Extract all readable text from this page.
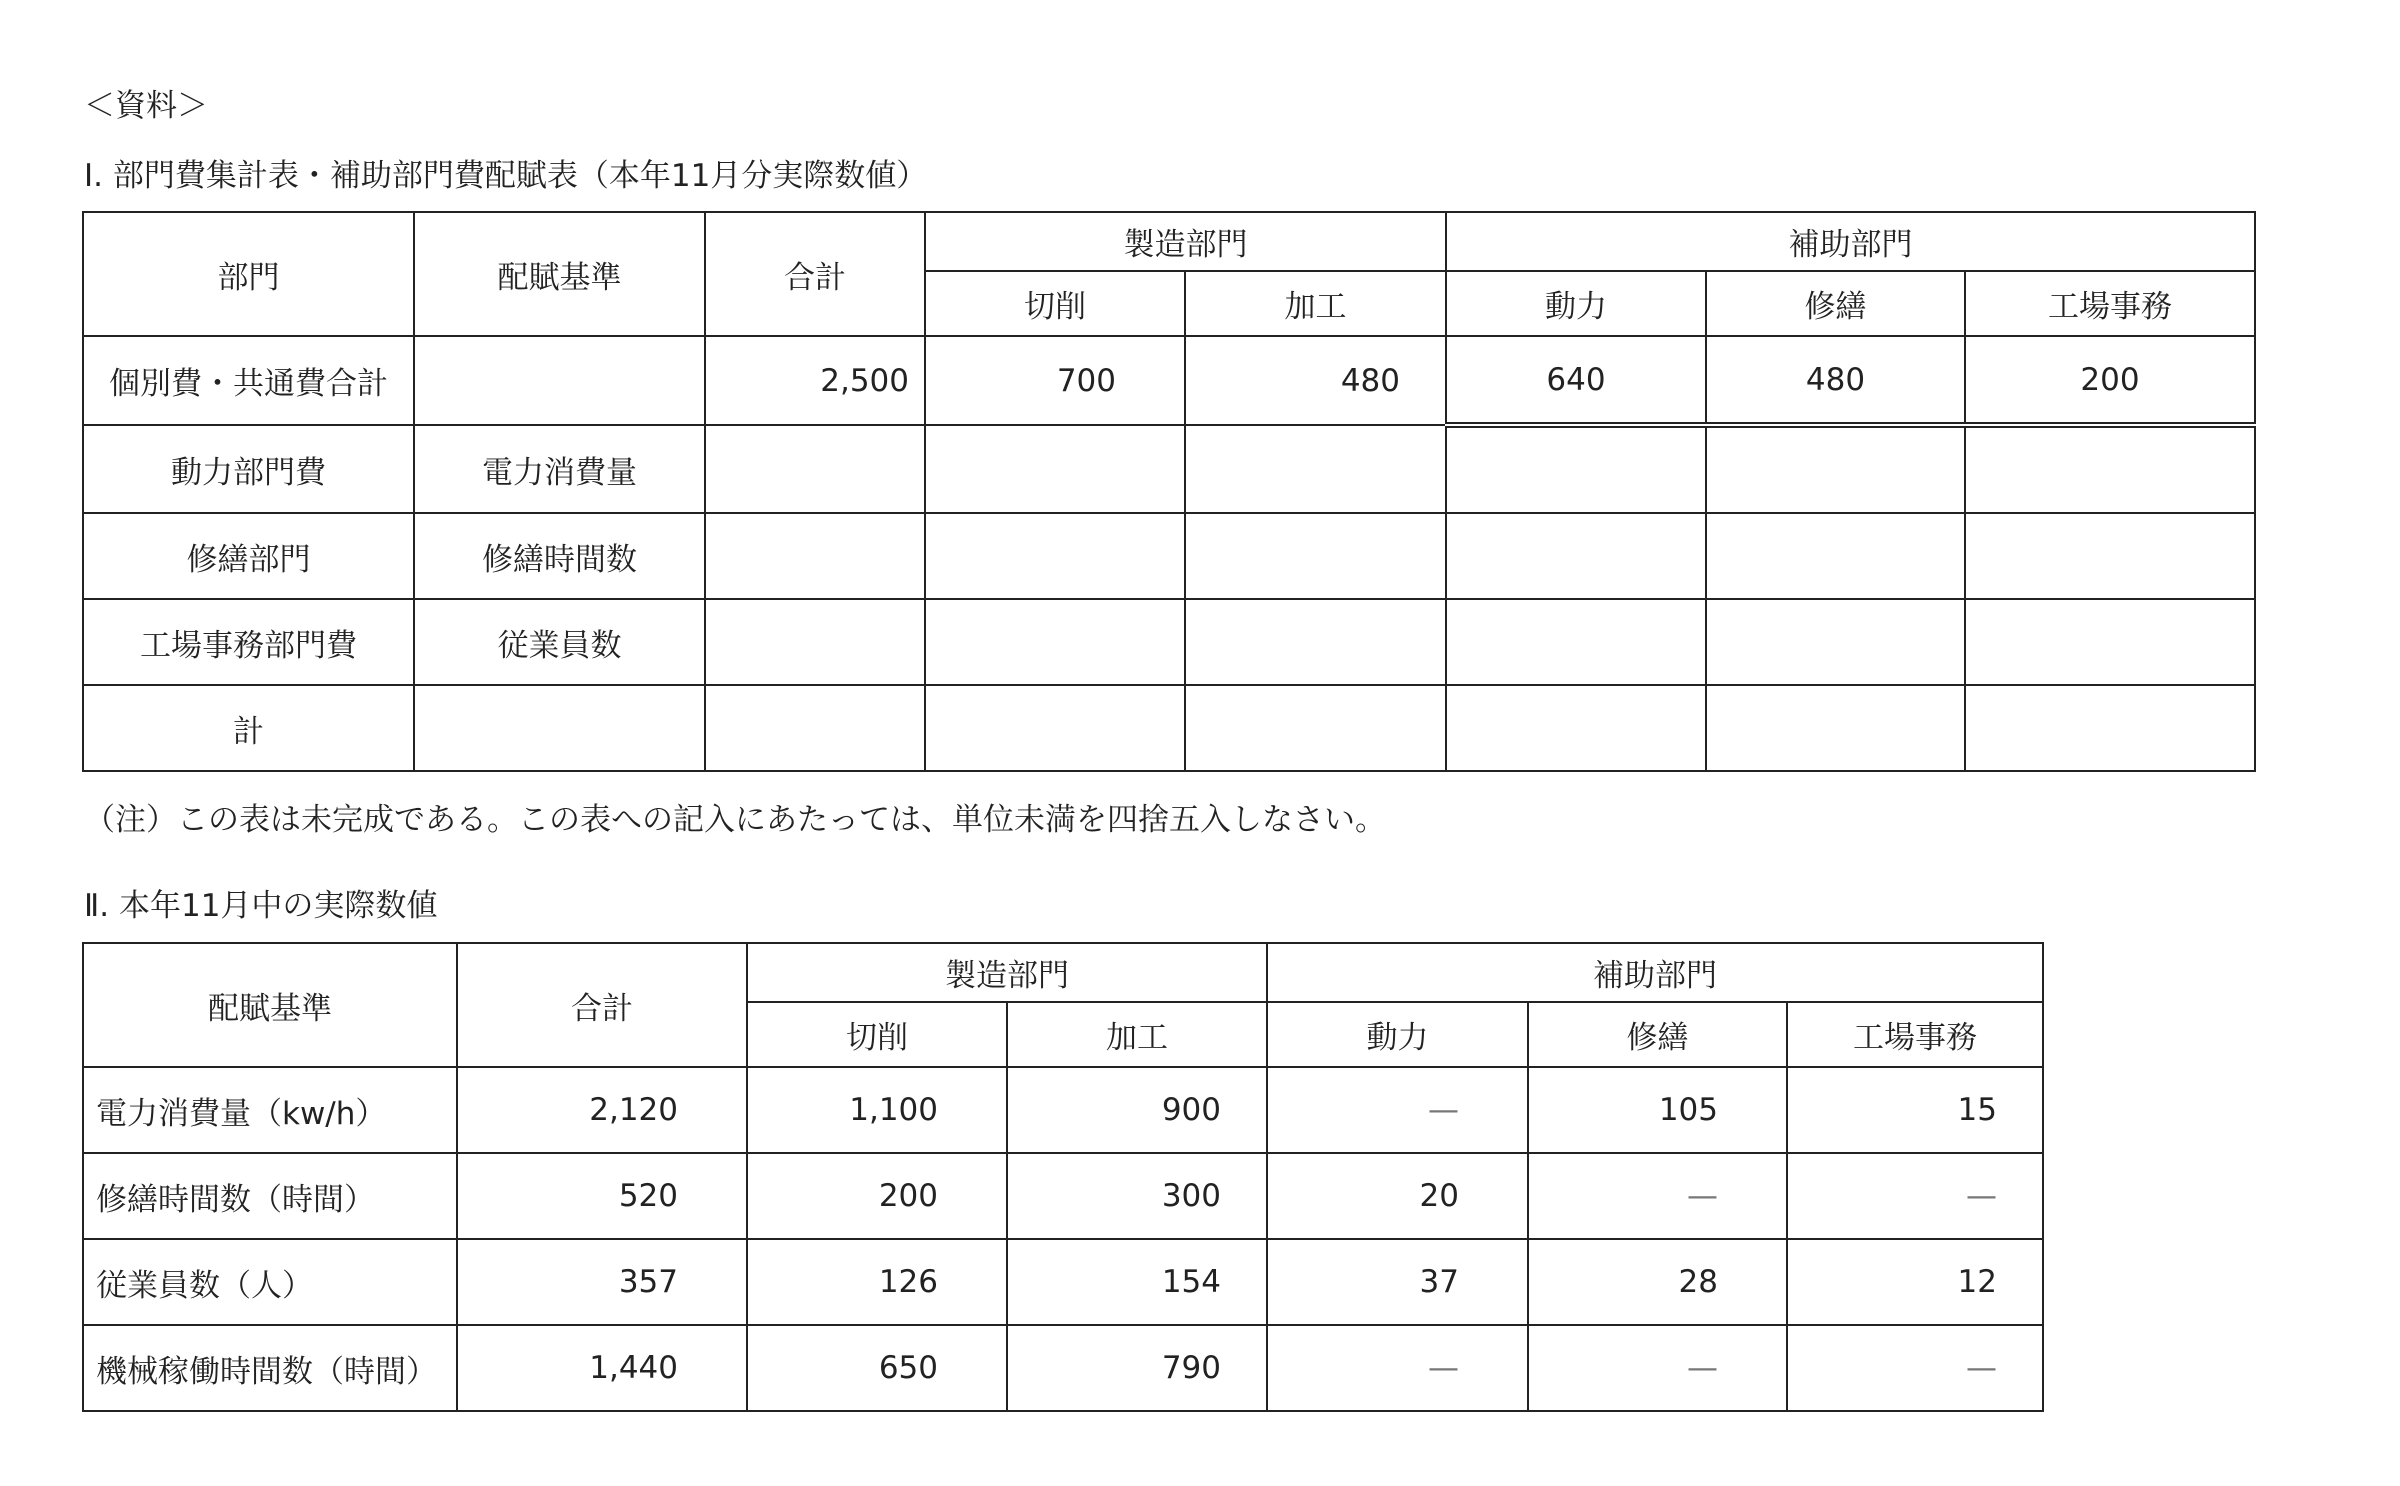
＜資料＞
Ⅰ. 部門費集計表・補助部門費配賦表（本年11月分実際数値）
部門	配賦基準	合計	製造部門		補助部門		
			切削	加工	動力	修繕	工場事務
個別費・共通費合計		2,500	700	480	640	480	200
動力部門費	電力消費量						
修繕部門	修繕時間数						
工場事務部門費	従業員数						
計							
（注）この表は未完成である。この表への記入にあたっては、単位未満を四捨五入しなさい。
Ⅱ. 本年11月中の実際数値
配賦基準	合計	製造部門		補助部門		
		切削	加工	動力	修繕	工場事務
電力消費量（kw/h）	2,120	1,100	900	—	105	15
修繕時間数（時間）	520	200	300	20	—	—
従業員数（人）	357	126	154	37	28	12
機械稼働時間数（時間）	1,440	650	790	—	—	—
